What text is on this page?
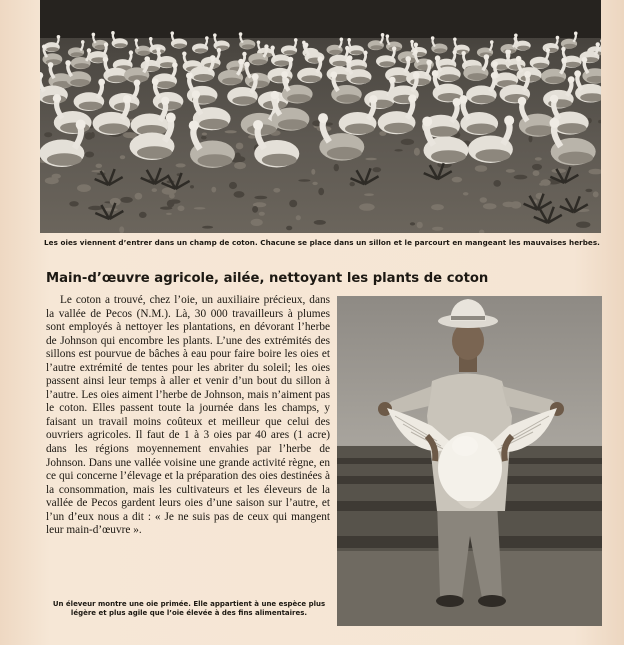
Les oies viennent d’entrer dans un champ de coton. Chacune se place dans un sillon et le parcourt en mangeant les mauvaises herbes.
Main-d’œuvre agricole, ailée, nettoyant les plants de coton
Le coton a trouvé, chez l’oie, un auxiliaire précieux, dans la vallée de Pecos (N.M.). Là, 30 000 travailleurs à plumes sont employés à nettoyer les plantations, en dévorant l’herbe de Johnson qui encombre les plants. L’une des extrémités des sillons est pourvue de bâches à eau pour faire boire les oies et l’autre extrémité de tentes pour les abriter du soleil; les oies passent ainsi leur temps à aller et venir d’un bout du sillon à l’autre. Les oies aiment l’herbe de Johnson, mais n’aiment pas le coton. Elles passent toute la journée dans les champs, y faisant un travail moins coûteux et meilleur que celui des ouvriers agricoles. Il faut de 1 à 3 oies par 40 ares (1 acre) dans les régions moyennement envahies par l’herbe de Johnson. Dans une vallée voisine une grande activité règne, en ce qui concerne l’élevage et la préparation des oies destinées à la consommation, mais les cultivateurs et les éleveurs de la vallée de Pecos gardent leurs oies d’une saison sur l’autre, et l’un d’eux nous a dit : « Je ne suis pas de ceux qui mangent leur main-d’œuvre ».
Un éleveur montre une oie primée. Elle appartient à une espèce plus légère et plus agile que l’oie élevée à des fins alimentaires.
